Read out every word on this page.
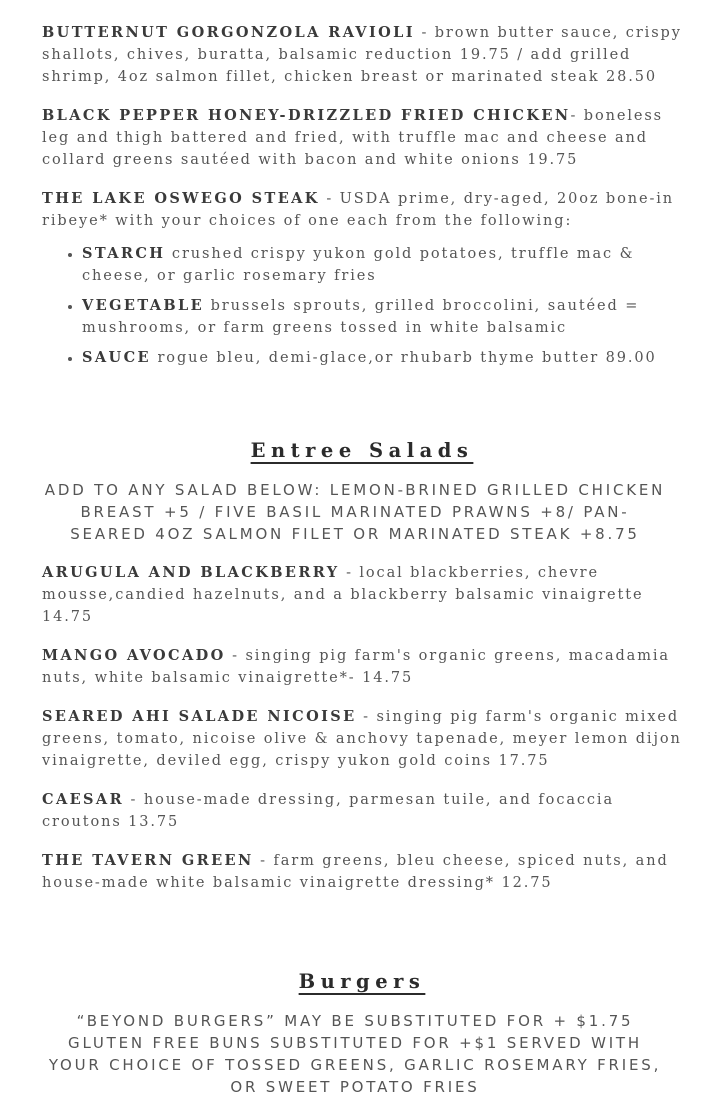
BUTTERNUT GORGONZOLA RAVIOLI - brown butter sauce, crispy shallots, chives, buratta, balsamic reduction 19.75 / add grilled shrimp, 4oz salmon fillet, chicken breast or marinated steak 28.50

BLACK PEPPER HONEY-DRIZZLED FRIED CHICKEN- boneless leg and thigh battered and fried, with truffle mac and cheese and collard greens sautéed with bacon and white onions 19.75

THE LAKE OSWEGO STEAK - USDA prime, dry-aged, 20oz bone-in ribeye* with your choices of one each from the following:

• STARCH crushed crispy yukon gold potatoes, truffle mac & cheese, or garlic rosemary fries
• VEGETABLE brussels sprouts, grilled broccolini, sautéed = mushrooms, or farm greens tossed in white balsamic
• SAUCE rogue bleu, demi-glace,or rhubarb thyme butter 89.00
Entree Salads

ADD TO ANY SALAD BELOW: LEMON-BRINED GRILLED CHICKEN BREAST +5 / FIVE BASIL MARINATED PRAWNS +8/ PAN-SEARED 4OZ SALMON FILET OR MARINATED STEAK +8.75

ARUGULA AND BLACKBERRY - local blackberries, chevre mousse,candied hazelnuts, and a blackberry balsamic vinaigrette 14.75

MANGO AVOCADO - singing pig farm's organic greens, macadamia nuts, white balsamic vinaigrette*- 14.75

SEARED AHI SALADE NICOISE - singing pig farm's organic mixed greens, tomato, nicoise olive & anchovy tapenade, meyer lemon dijon vinaigrette, deviled egg, crispy yukon gold coins 17.75

CAESAR - house-made dressing, parmesan tuile, and focaccia croutons 13.75

THE TAVERN GREEN - farm greens, bleu cheese, spiced nuts, and house-made white balsamic vinaigrette dressing* 12.75

Burgers

“BEYOND BURGERS” MAY BE SUBSTITUTED FOR + $1.75 GLUTEN FREE BUNS SUBSTITUTED FOR +$1 SERVED WITH YOUR CHOICE OF TOSSED GREENS, GARLIC ROSEMARY FRIES, OR SWEET POTATO FRIES
